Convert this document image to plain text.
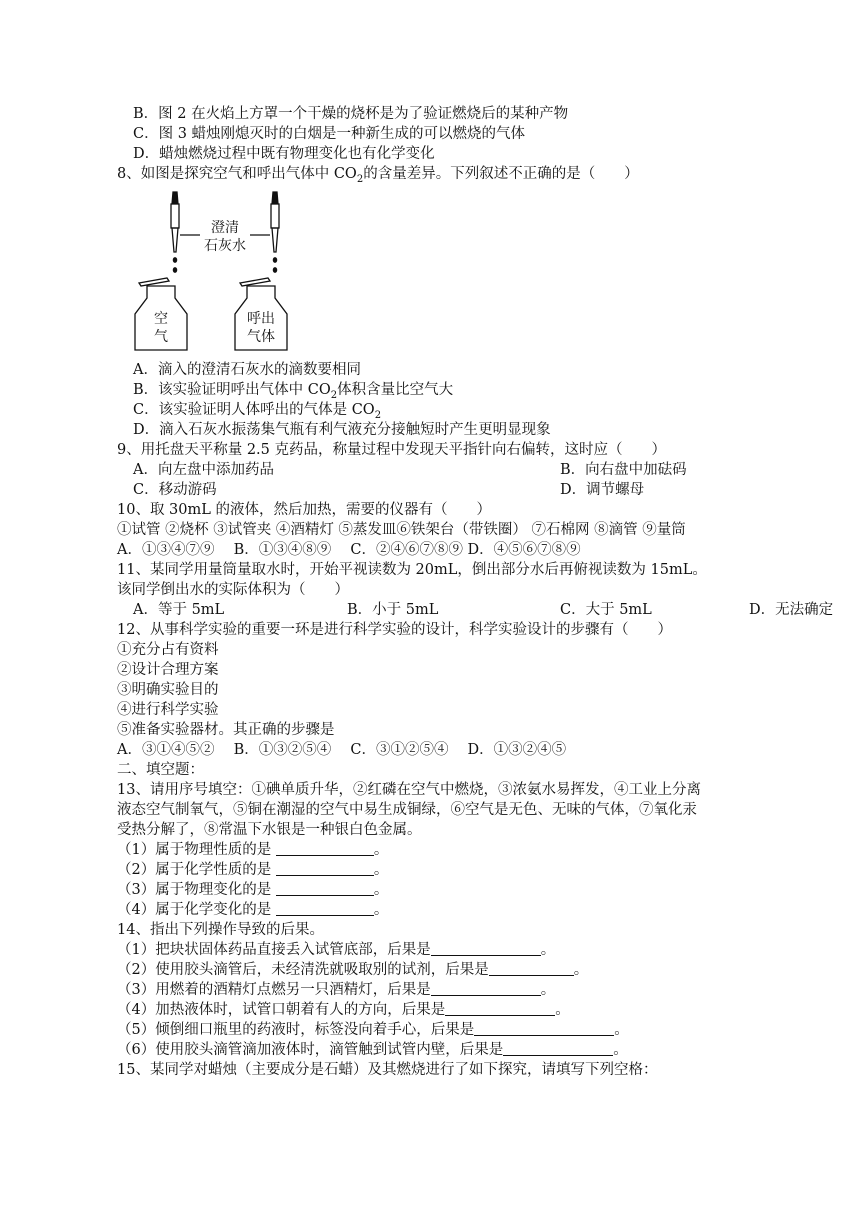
B．图 2 在火焰上方罩一个干燥的烧杯是为了验证燃烧后的某种产物
C．图 3 蜡烛刚熄灭时的白烟是一种新生成的可以燃烧的气体
D．蜡烛燃烧过程中既有物理变化也有化学变化
8、如图是探究空气和呼出气体中 $CO_2$的含量差异。下列叙述不正确的是（　　）
澄清
石灰水
空
气
呼出
气体
A．滴入的澄清石灰水的滴数要相同
B．该实验证明呼出气体中 $CO_2$体积含量比空气大
C．该实验证明人体呼出的气体是 $CO_2$
D．滴入石灰水振荡集气瓶有利气液充分接触短时产生更明显现象
9、用托盘天平称量 2.5 克药品，称量过程中发现天平指针向右偏转，这时应（　　）
A．向左盘中添加药品	B．向右盘中加砝码
C．移动游码	D．调节螺母
10、取 30mL 的液体，然后加热，需要的仪器有（　　）
①试管 ②烧杯 ③试管夹 ④酒精灯 ⑤蒸发皿⑥铁架台（带铁圈） ⑦石棉网 ⑧滴管 ⑨量筒
A．①③④⑦⑨　 B．①③④⑧⑨　 C．②④⑥⑦⑧⑨ D．④⑤⑥⑦⑧⑨
11、某同学用量筒量取水时，开始平视读数为 20mL，倒出部分水后再俯视读数为 15mL。
该同学倒出水的实际体积为（　　）
A．等于 5mL	B．小于 5mL	C．大于 5mL	D．无法确定
12、从事科学实验的重要一环是进行科学实验的设计，科学实验设计的步骤有（　　）
①充分占有资料
②设计合理方案
③明确实验目的
④进行科学实验
⑤准备实验器材。其正确的步骤是
A．③①④⑤②　 B．①③②⑤④　 C．③①②⑤④　 D．①③②④⑤
二、填空题：
13、请用序号填空：①碘单质升华，②红磷在空气中燃烧，③浓氨水易挥发，④工业上分离
液态空气制氧气，⑤铜在潮湿的空气中易生成铜绿，⑥空气是无色、无味的气体，⑦氧化汞
受热分解了，⑧常温下水银是一种银白色金属。
（1）属于物理性质的是	。
（2）属于化学性质的是	。
（3）属于物理变化的是	。
（4）属于化学变化的是	。
14、指出下列操作导致的后果。
（1）把块状固体药品直接丢入试管底部，后果是	。
（2）使用胶头滴管后，未经清洗就吸取别的试剂，后果是	。
（3）用燃着的酒精灯点燃另一只酒精灯，后果是	。
（4）加热液体时，试管口朝着有人的方向，后果是	。
（5）倾倒细口瓶里的药液时，标签没向着手心，后果是	。
（6）使用胶头滴管滴加液体时，滴管触到试管内壁，后果是	。
15、某同学对蜡烛（主要成分是石蜡）及其燃烧进行了如下探究，请填写下列空格：
